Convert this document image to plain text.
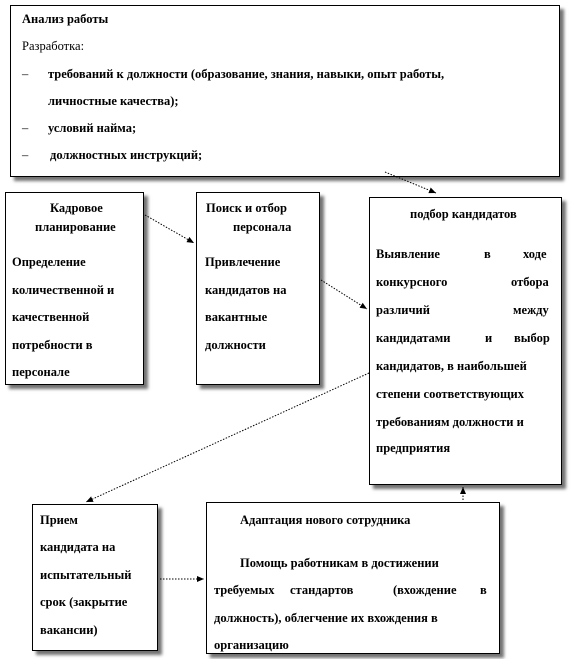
Анализ работы
Разработка:
– требований к должности (образование, знания, навыки, опыт работы,
личностные качества);
– условий найма;
– должностных инструкций;
Кадровое
планирование
Определение
количественной и
качественной
потребности в
персонале
Поиск и отбор
персонала
Привлечение
кандидатов на
вакантные
должности
подбор кандидатов
Выявление	в	ходе
конкурсного	отбора
различий	между
кандидатами	и выбор
кандидатов, в наибольшей
степени соответствующих
требованиям должности и
предприятия
Прием
кандидата на
испытательный
срок (закрытие
вакансии)
Адаптация нового сотрудника
Помощь работникам в достижении
требуемых стандартов	(вхождение в
должность), облегчение их вхождения в
организацию
